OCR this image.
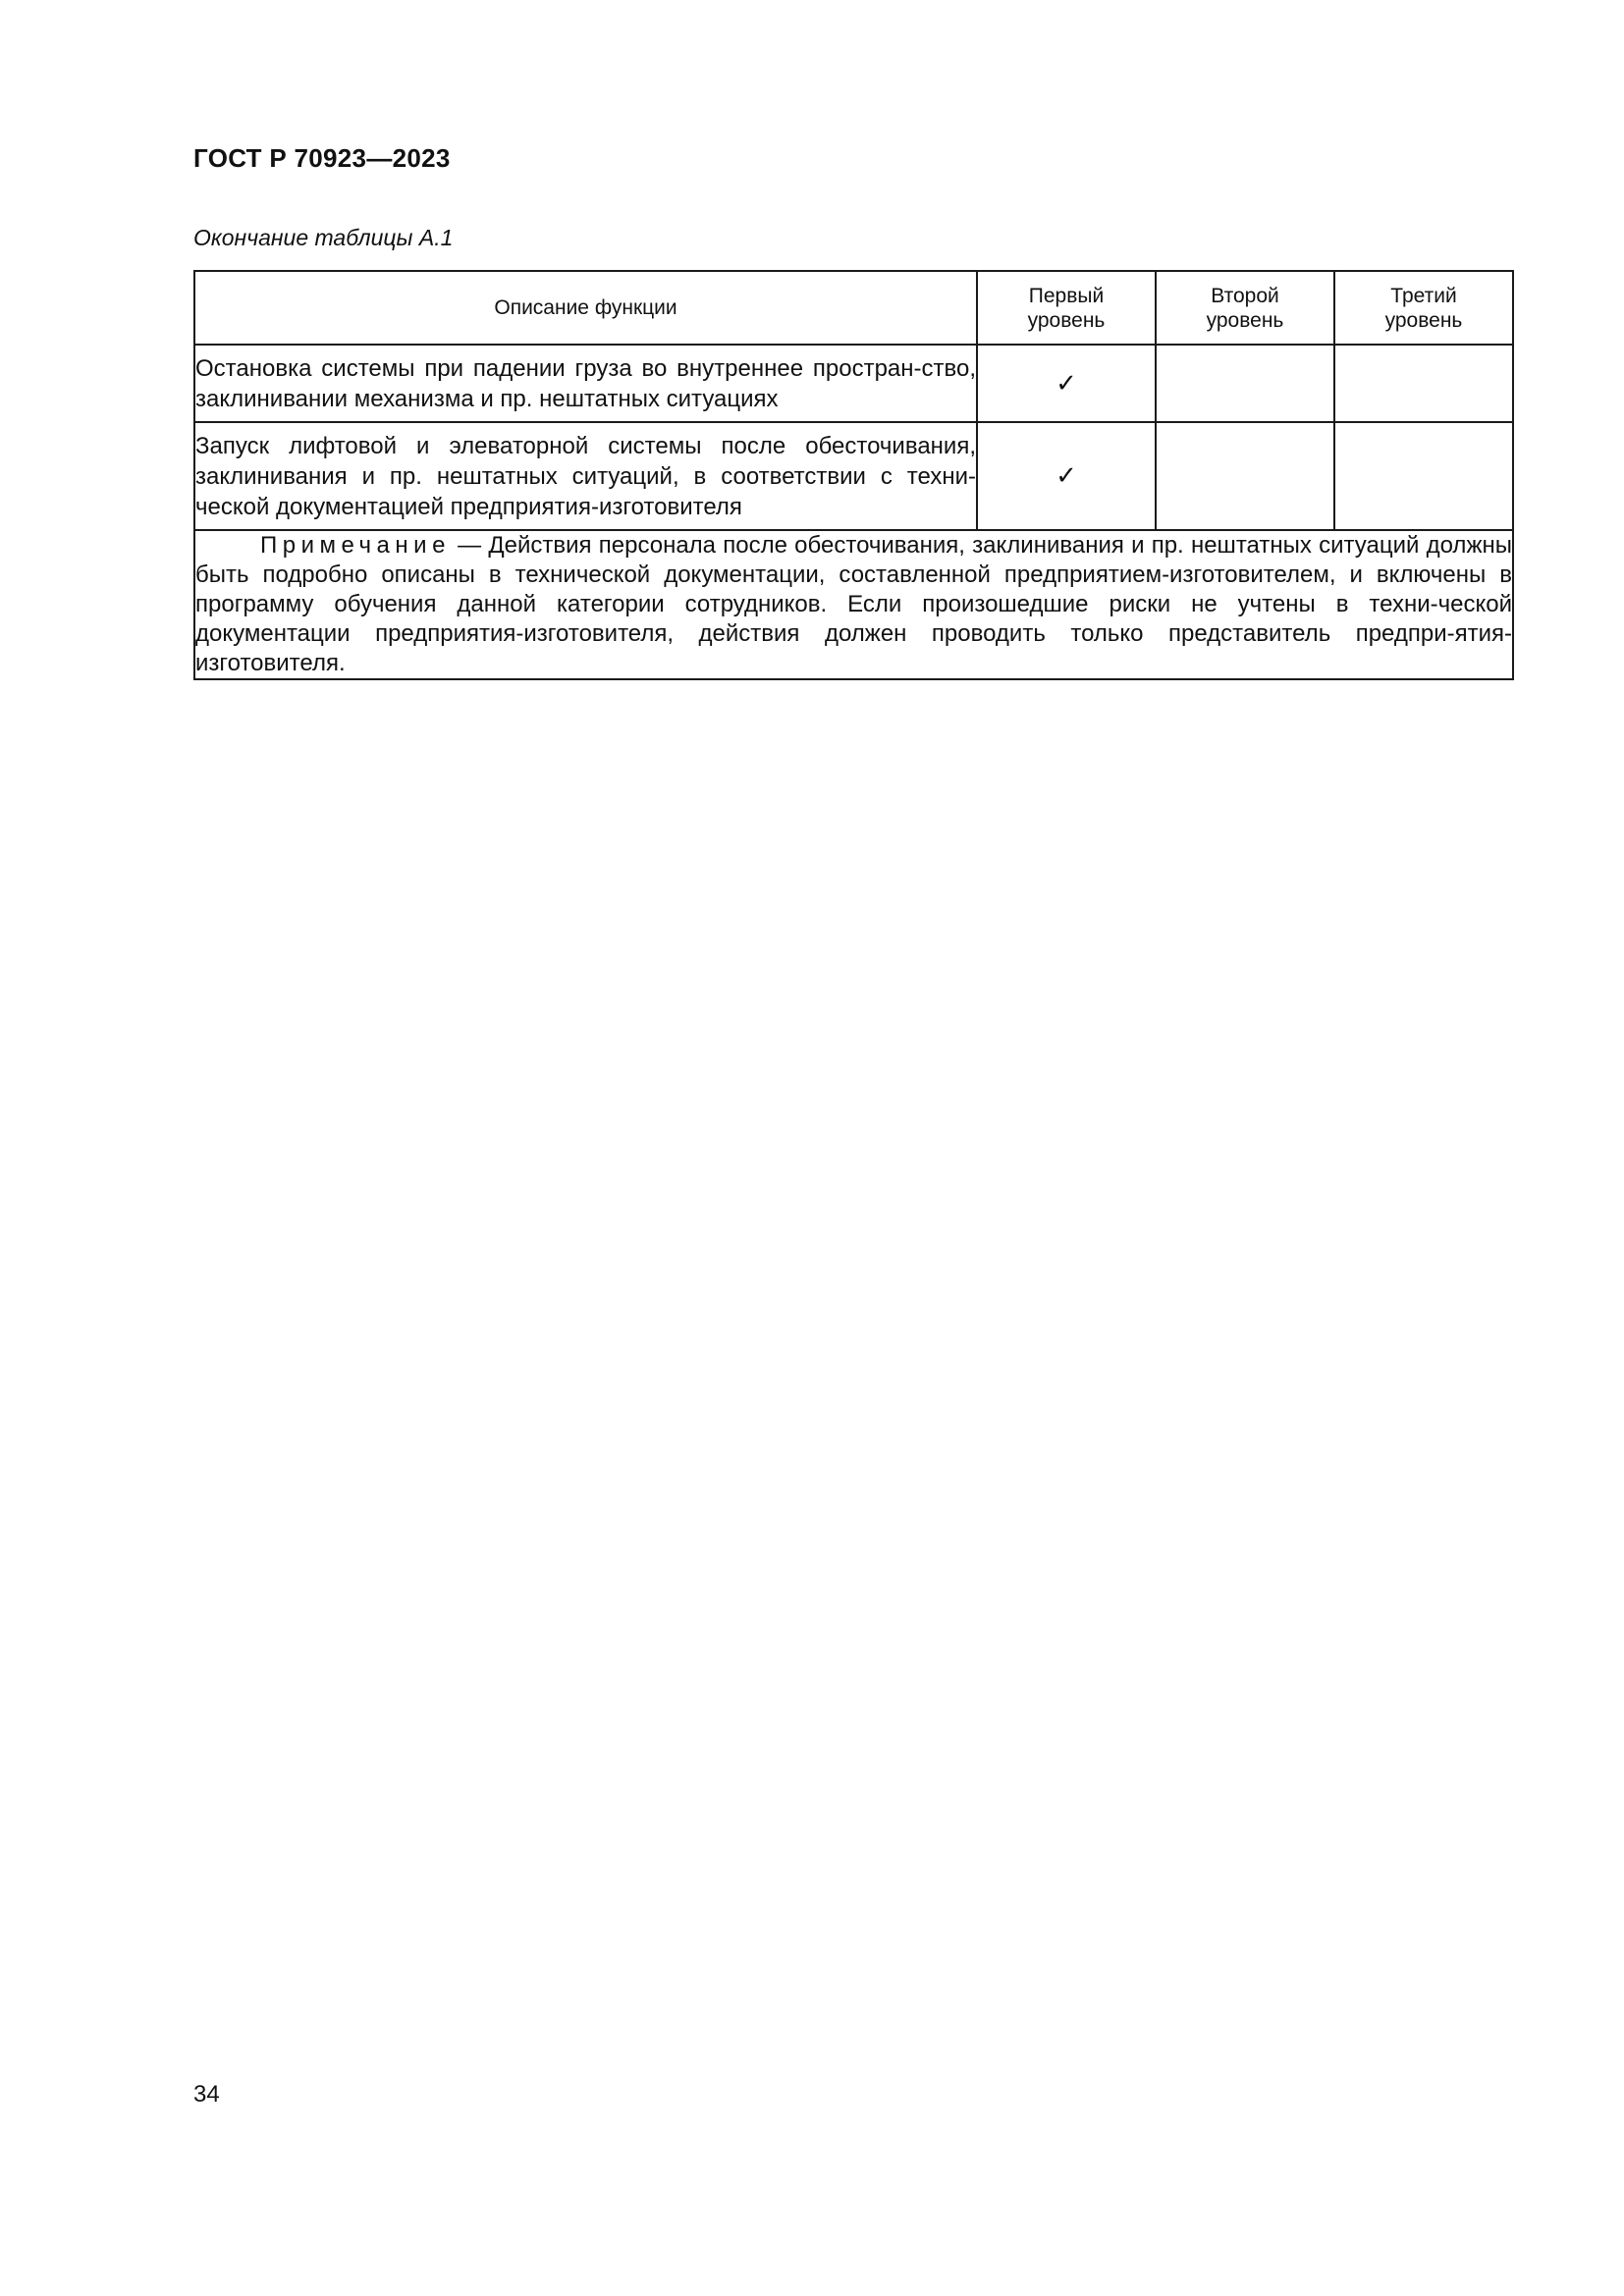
ГОСТ Р 70923—2023
Окончание таблицы А.1
Описание функции	Первый уровень	Второй уровень	Третий уровень
Остановка системы при падении груза во внутреннее простран-ство, заклинивании механизма и пр. нештатных ситуациях	✓		
Запуск лифтовой и элеваторной системы после обесточивания, заклинивания и пр. нештатных ситуаций, в соответствии с техни-ческой документацией предприятия-изготовителя	✓		
Примечание — Действия персонала после обесточивания, заклинивания и пр. нештатных ситуаций должны быть подробно описаны в технической документации, составленной предприятием-изготовителем, и включены в программу обучения данной категории сотрудников. Если произошедшие риски не учтены в техни-ческой документации предприятия-изготовителя, действия должен проводить только представитель предпри-ятия-изготовителя.			
34
